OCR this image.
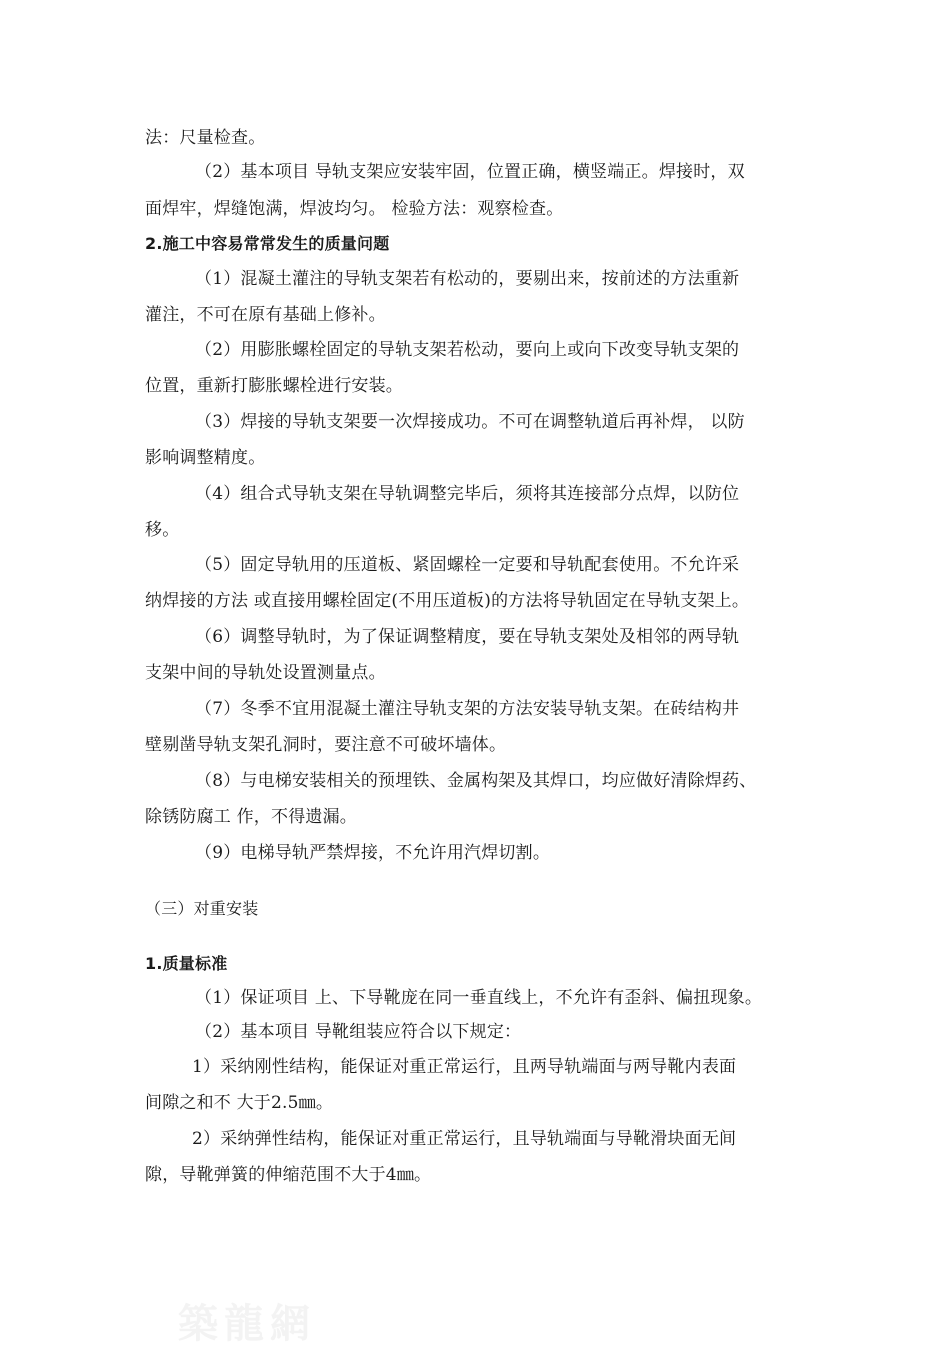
法：尺量检查。
（2）基本项目 导轨支架应安装牢固，位置正确，横竖端正。焊接时，双
面焊牢，焊缝饱满，焊波均匀。 检验方法：观察检查。
2.施工中容易常常发生的质量问题
（1）混凝土灌注的导轨支架若有松动的，要剔出来，按前述的方法重新
灌注，不可在原有基础上修补。
（2）用膨胀螺栓固定的导轨支架若松动，要向上或向下改变导轨支架的
位置，重新打膨胀螺栓进行安装。
（3）焊接的导轨支架要一次焊接成功。不可在调整轨道后再补焊， 以防
影响调整精度。
（4）组合式导轨支架在导轨调整完毕后，须将其连接部分点焊，以防位
移。
（5）固定导轨用的压道板、紧固螺栓一定要和导轨配套使用。不允许采
纳焊接的方法 或直接用螺栓固定(不用压道板)的方法将导轨固定在导轨支架上。
（6）调整导轨时，为了保证调整精度，要在导轨支架处及相邻的两导轨
支架中间的导轨处设置测量点。
（7）冬季不宜用混凝土灌注导轨支架的方法安装导轨支架。在砖结构井
壁剔凿导轨支架孔洞时，要注意不可破坏墙体。
（8）与电梯安装相关的预埋铁、金属构架及其焊口，均应做好清除焊药、
除锈防腐工 作，不得遗漏。
（9）电梯导轨严禁焊接，不允许用汽焊切割。
（三）对重安装
1.质量标准
（1）保证项目 上、下导靴庞在同一垂直线上，不允许有歪斜、偏扭现象。
（2）基本项目 导靴组装应符合以下规定：
1）采纳刚性结构，能保证对重正常运行，且两导轨端面与两导靴内表面
间隙之和不 大于2.5㎜。
2）采纳弹性结构，能保证对重正常运行，且导轨端面与导靴滑块面无间
隙，导靴弹簧的伸缩范围不大于4㎜。
築龍網
